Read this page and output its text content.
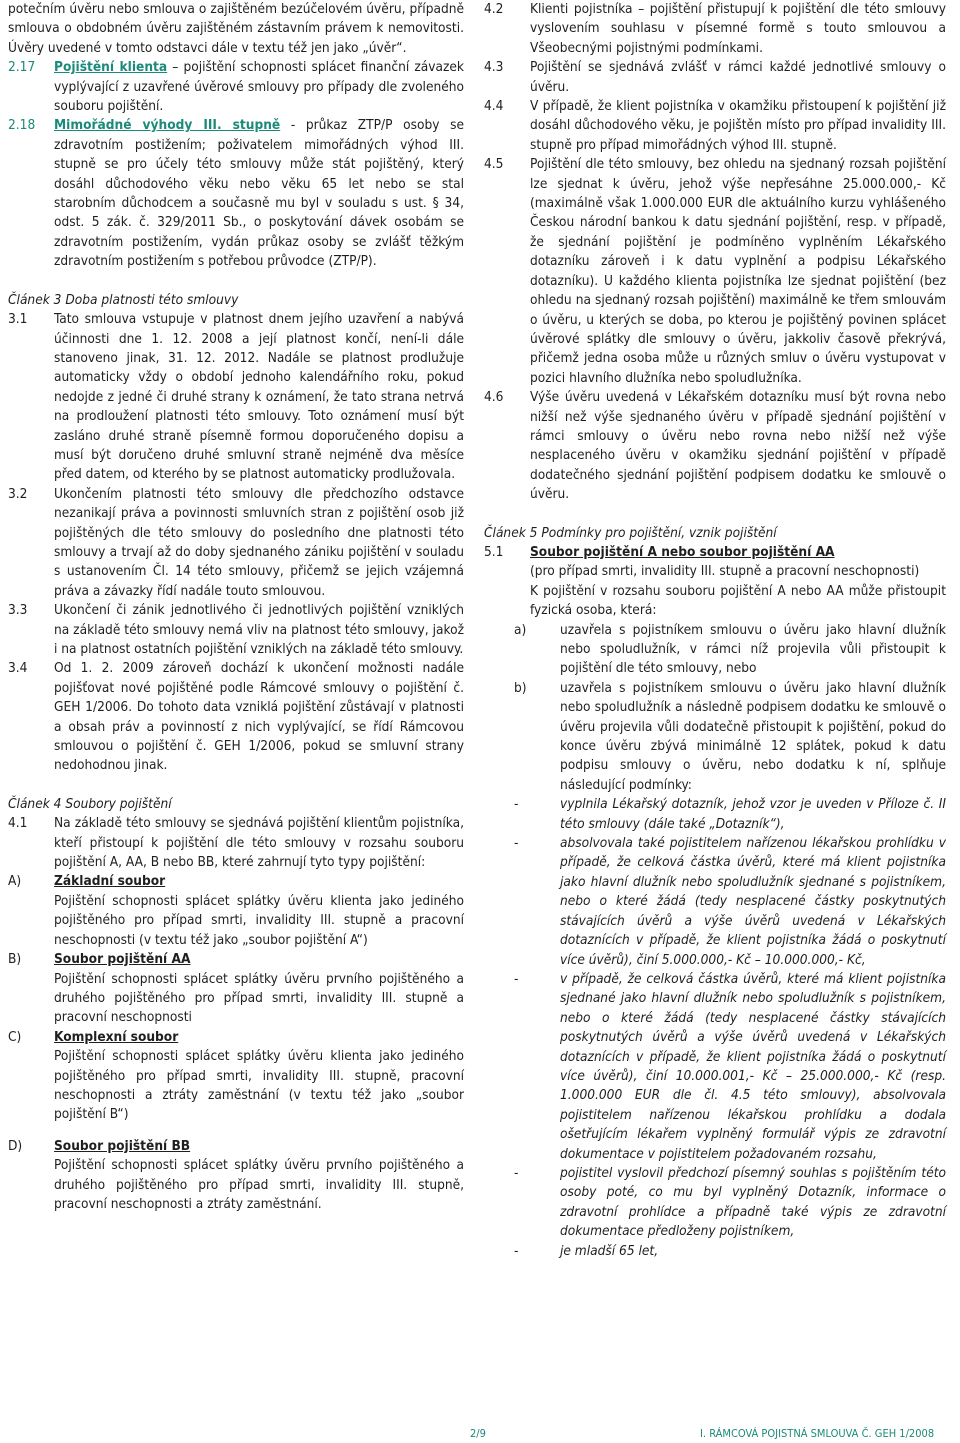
potečním úvěru nebo smlouva o zajištěném bezúčelovém úvěru, případně smlouva o obdobném úvěru zajištěném zástavním právem k nemovitosti. Úvěry uvedené v tomto odstavci dále v textu též jen jako „úvěr“.

2.17	Pojištění klienta – pojištění schopnosti splácet finanční závazek vyplývající z uzavřené úvěrové smlouvy pro případy dle zvoleného souboru pojištění.
2.18	Mimořádné výhody III. stupně - průkaz ZTP/P osoby se zdravotním postižením; poživatelem mimořádných výhod III. stupně se pro účely této smlouvy může stát pojištěný, který dosáhl důchodového věku nebo věku 65 let nebo se stal starobním důchodcem a současně mu byl v souladu s ust. § 34, odst. 5 zák. č. 329/2011 Sb., o poskytování dávek osobám se zdravotním postižením, vydán průkaz osoby se zvlášť těžkým zdravotním postižením s potřebou průvodce (ZTP/P).

Článek 3 Doba platnosti této smlouvy

3.1	Tato smlouva vstupuje v platnost dnem jejího uzavření a nabývá účinnosti dne 1. 12. 2008 a její platnost končí, není-li dále stanoveno jinak, 31. 12. 2012. Nadále se platnost prodlužuje automaticky vždy o období jednoho kalendářního roku, pokud nedojde z jedné či druhé strany k oznámení, že tato strana netrvá na prodloužení platnosti této smlouvy. Toto oznámení musí být zasláno druhé straně písemně formou doporučeného dopisu a musí být doručeno druhé smluvní straně nejméně dva měsíce před datem, od kterého by se platnost automaticky prodlužovala.
3.2	Ukončením platnosti této smlouvy dle předchozího odstavce nezanikají práva a povinnosti smluvních stran z pojištění osob již pojištěných dle této smlouvy do posledního dne platnosti této smlouvy a trvají až do doby sjednaného zániku pojištění v souladu s ustanovením Čl. 14 této smlouvy, přičemž se jejich vzájemná práva a závazky řídí nadále touto smlouvou.
3.3	Ukončení či zánik jednotlivého či jednotlivých pojištění vzniklých na základě této smlouvy nemá vliv na platnost této smlouvy, jakož i na platnost ostatních pojištění vzniklých na základě této smlouvy.
3.4	Od 1. 2. 2009 zároveň dochází k ukončení možnosti nadále pojišťovat nové pojištěné podle Rámcové smlouvy o pojištění č. GEH 1/2006. Do tohoto data vzniklá pojištění zůstávají v platnosti a obsah práv a povinností z nich vyplývající, se řídí Rámcovou smlouvou o pojištění č. GEH 1/2006, pokud se smluvní strany nedohodnou jinak.

Článek 4 Soubory pojištění

4.1	Na základě této smlouvy se sjednává pojištění klientům pojistníka, kteří přistoupí k pojištění dle této smlouvy v rozsahu souboru pojištění A, AA, B nebo BB, které zahrnují tyto typy pojištění:
A)	Základní soubor
Pojištění schopnosti splácet splátky úvěru klienta jako jediného pojištěného pro případ smrti, invalidity III. stupně a pracovní neschopnosti (v textu též jako „soubor pojištění A“)
B)	Soubor pojištění AA
Pojištění schopnosti splácet splátky úvěru prvního pojištěného a druhého pojištěného pro případ smrti, invalidity III. stupně a pracovní neschopnosti
C)	Komplexní soubor
Pojištění schopnosti splácet splátky úvěru klienta jako jediného pojištěného pro případ smrti, invalidity III. stupně, pracovní neschopnosti a ztráty zaměstnání (v textu též jako „soubor pojištění B“)
D)	Soubor pojištění BB
Pojištění schopnosti splácet splátky úvěru prvního pojištěného a druhého pojištěného pro případ smrti, invalidity III. stupně, pracovní neschopnosti a ztráty zaměstnání.
4.2	Klienti pojistníka – pojištění přistupují k pojištění dle této smlouvy vyslovením souhlasu v písemné formě s touto smlouvou a Všeobecnými pojistnými podmínkami.
4.3	Pojištění se sjednává zvlášť v rámci každé jednotlivé smlouvy o úvěru.
4.4	V případě, že klient pojistníka v okamžiku přistoupení k pojištění již dosáhl důchodového věku, je pojištěn místo pro případ invalidity III. stupně pro případ mimořádných výhod III. stupně.
4.5	Pojištění dle této smlouvy, bez ohledu na sjednaný rozsah pojištění lze sjednat k úvěru, jehož výše nepřesáhne 25.000.000,- Kč (maximálně však 1.000.000 EUR dle aktuálního kurzu vyhlášeného Českou národní bankou k datu sjednání pojištění, resp. v případě, že sjednání pojištění je podmíněno vyplněním Lékařského dotazníku zároveň i k datu vyplnění a podpisu Lékařského dotazníku). U každého klienta pojistníka lze sjednat pojištění (bez ohledu na sjednaný rozsah pojištění) maximálně ke třem smlouvám o úvěru, u kterých se doba, po kterou je pojištěný povinen splácet úvěrové splátky dle smlouvy o úvěru, jakkoliv časově překrývá, přičemž jedna osoba může u různých smluv o úvěru vystupovat v pozici hlavního dlužníka nebo spoludlužníka.
4.6	Výše úvěru uvedená v Lékařském dotazníku musí být rovna nebo nižší než výše sjednaného úvěru v případě sjednání pojištění v rámci smlouvy o úvěru nebo rovna nebo nižší než výše nesplaceného úvěru v okamžiku sjednání pojištění v případě dodatečného sjednání pojištění podpisem dodatku ke smlouvě o úvěru.

Článek 5 Podmínky pro pojištění, vznik pojištění

5.1	Soubor pojištění A nebo soubor pojištění AA
(pro případ smrti, invalidity III. stupně a pracovní neschopnosti)
K pojištění v rozsahu souboru pojištění A nebo AA může přistoupit fyzická osoba, která:
a)	uzavřela s pojistníkem smlouvu o úvěru jako hlavní dlužník nebo spoludlužník, v rámci níž projevila vůli přistoupit k pojištění dle této smlouvy, nebo
b)	uzavřela s pojistníkem smlouvu o úvěru jako hlavní dlužník nebo spoludlužník a následně podpisem dodatku ke smlouvě o úvěru projevila vůli dodatečně přistoupit k pojištění, pokud do konce úvěru zbývá minimálně 12 splátek, pokud k datu podpisu smlouvy o úvěru, nebo dodatku k ní, splňuje následující podmínky:
-	vyplnila Lékařský dotazník, jehož vzor je uveden v Příloze č. II této smlouvy (dále také „Dotazník“),
-	absolvovala také pojistitelem nařízenou lékařskou prohlídku v případě, že celková částka úvěrů, které má klient pojistníka jako hlavní dlužník nebo spoludlužník sjednané s pojistníkem, nebo o které žádá (tedy nesplacené částky poskytnutých stávajících úvěrů a výše úvěrů uvedená v Lékařských dotaznících v případě, že klient pojistníka žádá o poskytnutí více úvěrů), činí 5.000.000,- Kč – 10.000.000,- Kč,
-	v případě, že celková částka úvěrů, které má klient pojistníka sjednané jako hlavní dlužník nebo spoludlužník s pojistníkem, nebo o které žádá (tedy nesplacené částky stávajících poskytnutých úvěrů a výše úvěrů uvedená v Lékařských dotaznících v případě, že klient pojistníka žádá o poskytnutí více úvěrů), činí 10.000.001,- Kč – 25.000.000,- Kč (resp. 1.000.000 EUR dle čl. 4.5 této smlouvy), absolvovala pojistitelem nařízenou lékařskou prohlídku a dodala ošetřujícím lékařem vyplněný formulář výpis ze zdravotní dokumentace v pojistitelem požadovaném rozsahu,
-	pojistitel vyslovil předchozí písemný souhlas s pojištěním této osoby poté, co mu byl vyplněný Dotazník, informace o zdravotní prohlídce a případně také výpis ze zdravotní dokumentace předloženy pojistníkem,
-	je mladší 65 let,
2/9	I. RÁMCOVÁ POJISTNÁ SMLOUVA Č. GEH 1/2008
